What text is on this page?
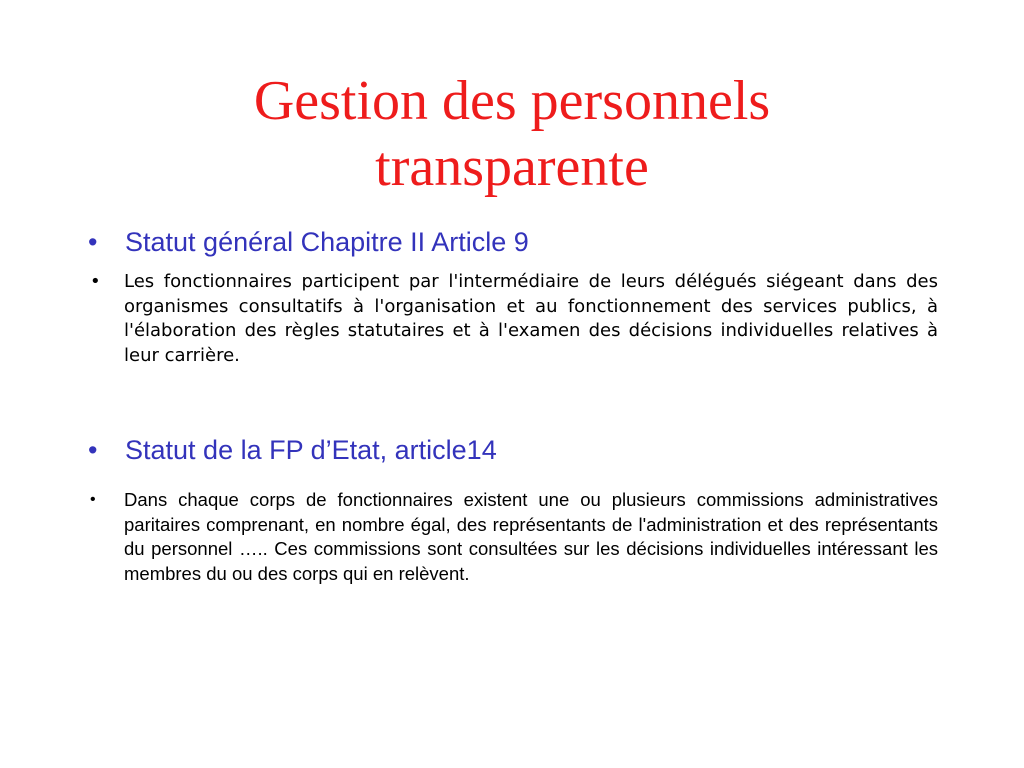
Gestion des personnels
transparente
•	Statut général Chapitre II Article 9
•	Les fonctionnaires participent par l'intermédiaire de leurs délégués siégeant dans des organismes consultatifs à l'organisation et au fonctionnement des services publics, à l'élaboration des règles statutaires et à l'examen des décisions individuelles relatives à leur carrière.
•	Statut de la FP d’Etat, article14
•	Dans chaque corps de fonctionnaires existent une ou plusieurs commissions administratives paritaires comprenant, en nombre égal, des représentants de l'administration et des représentants du personnel ….. Ces commissions sont consultées sur les décisions individuelles intéressant les membres du ou des corps qui en relèvent.
